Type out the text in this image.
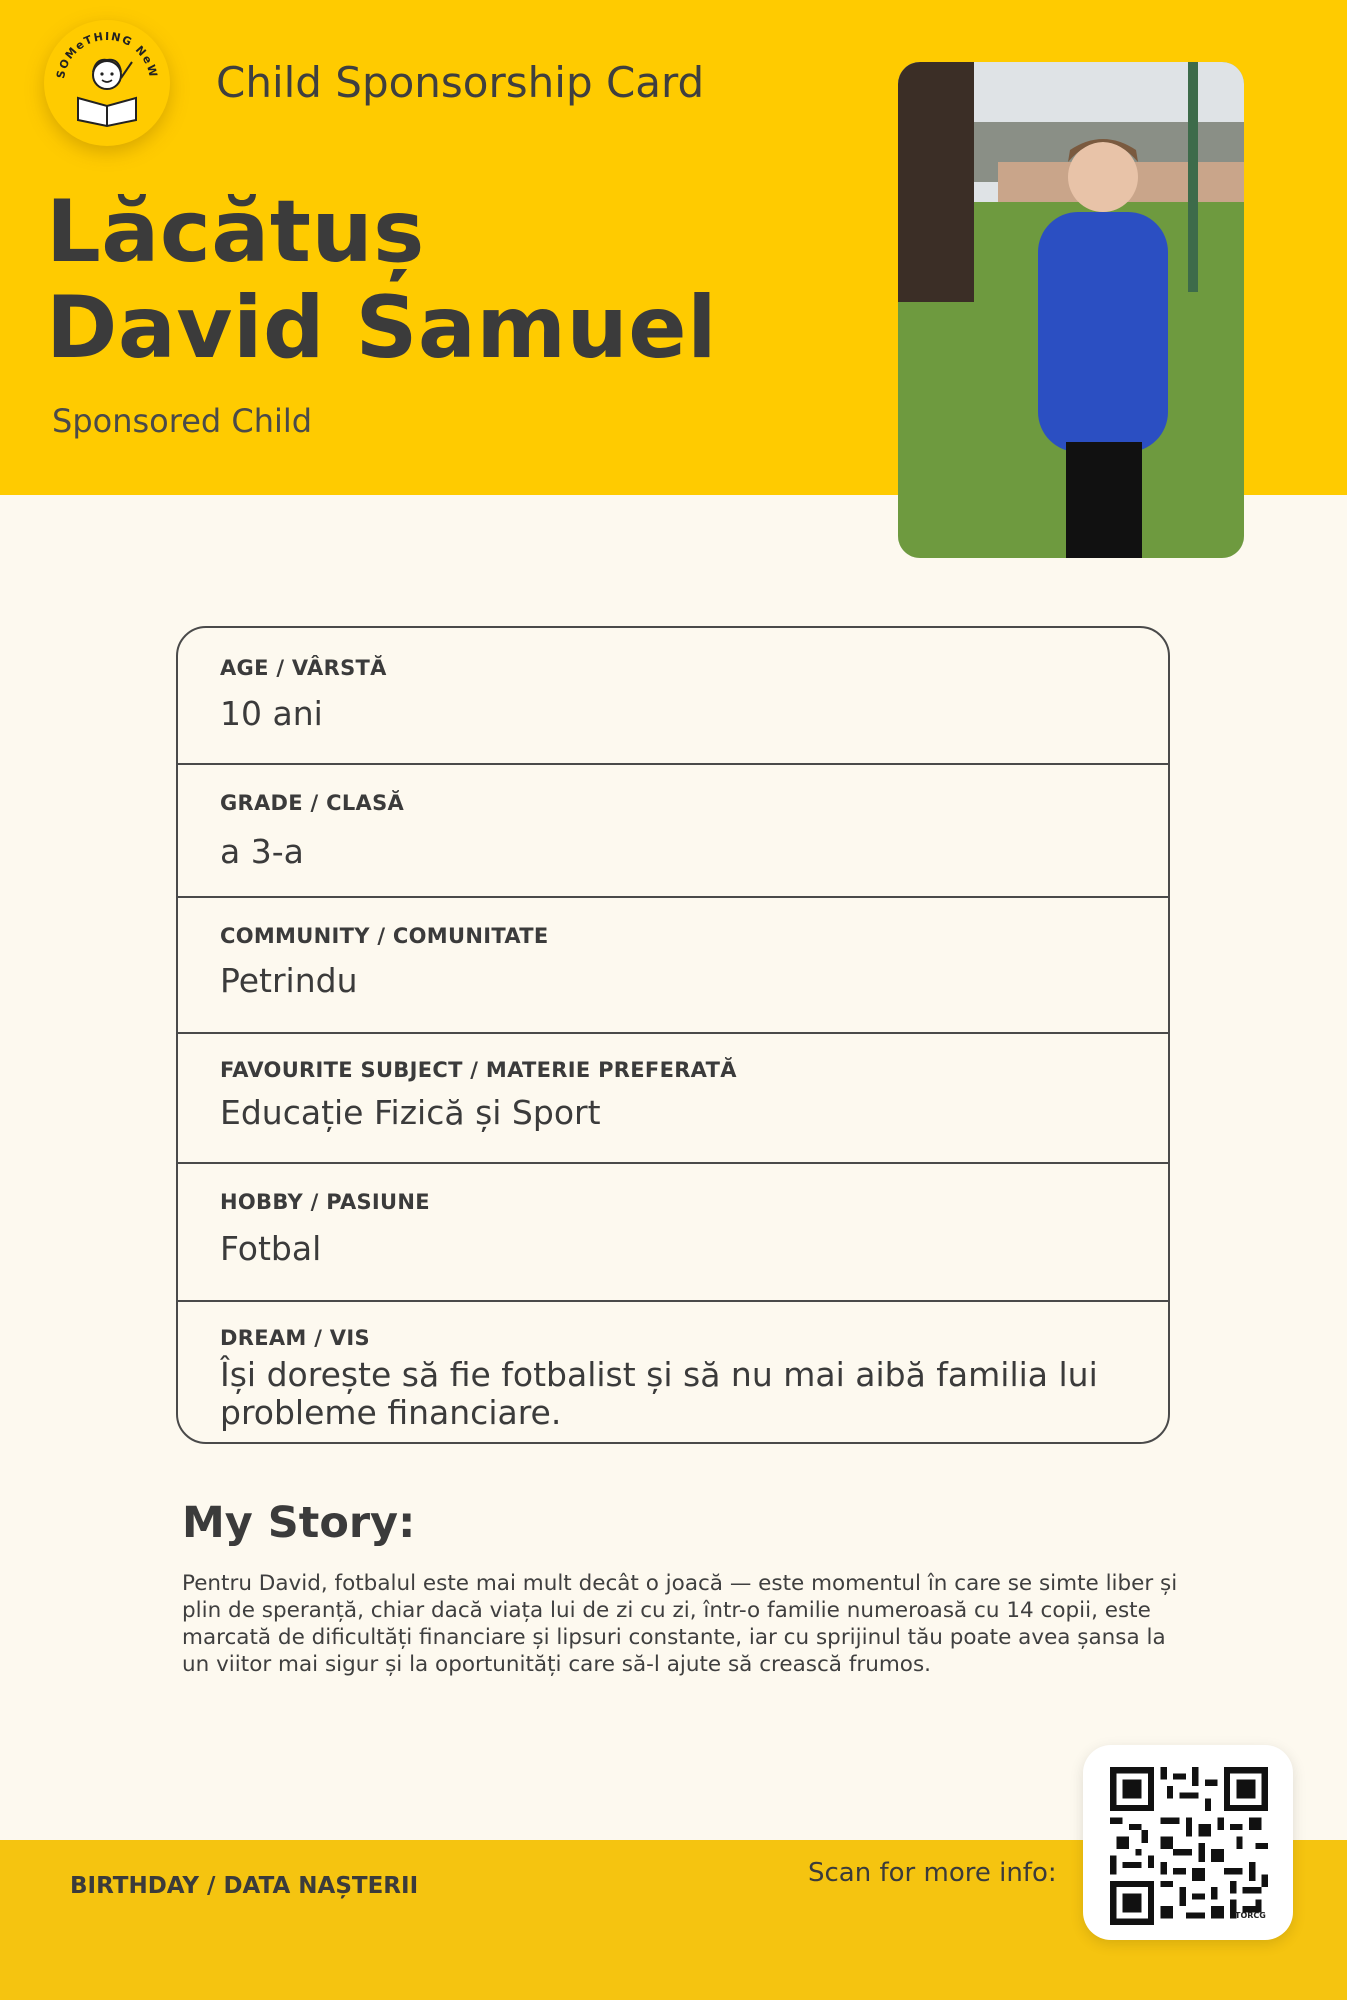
SOMeTHING NeW Child Sponsorship Card
Lăcătuș
David Samuel
Sponsored Child
AGE / VÂRSTĂ
10 ani
GRADE / CLASĂ
a 3-a
COMMUNITY / COMUNITATE
Petrindu
FAVOURITE SUBJECT / MATERIE PREFERATĂ
Educație Fizică și Sport
HOBBY / PASIUNE
Fotbal
DREAM / VIS
Își dorește să fie fotbalist și să nu mai aibă familia lui probleme financiare.
My Story:
Pentru David, fotbalul este mai mult decât o joacă — este momentul în care se simte liber și plin de speranță, chiar dacă viața lui de zi cu zi, într-o familie numeroasă cu 14 copii, este marcată de dificultăți financiare și lipsuri constante, iar cu sprijinul tău poate avea șansa la un viitor mai sigur și la oportunități care să-l ajute să crească frumos.
BIRTHDAY / DATA NAȘTERII	Scan for more info:
TORCG
